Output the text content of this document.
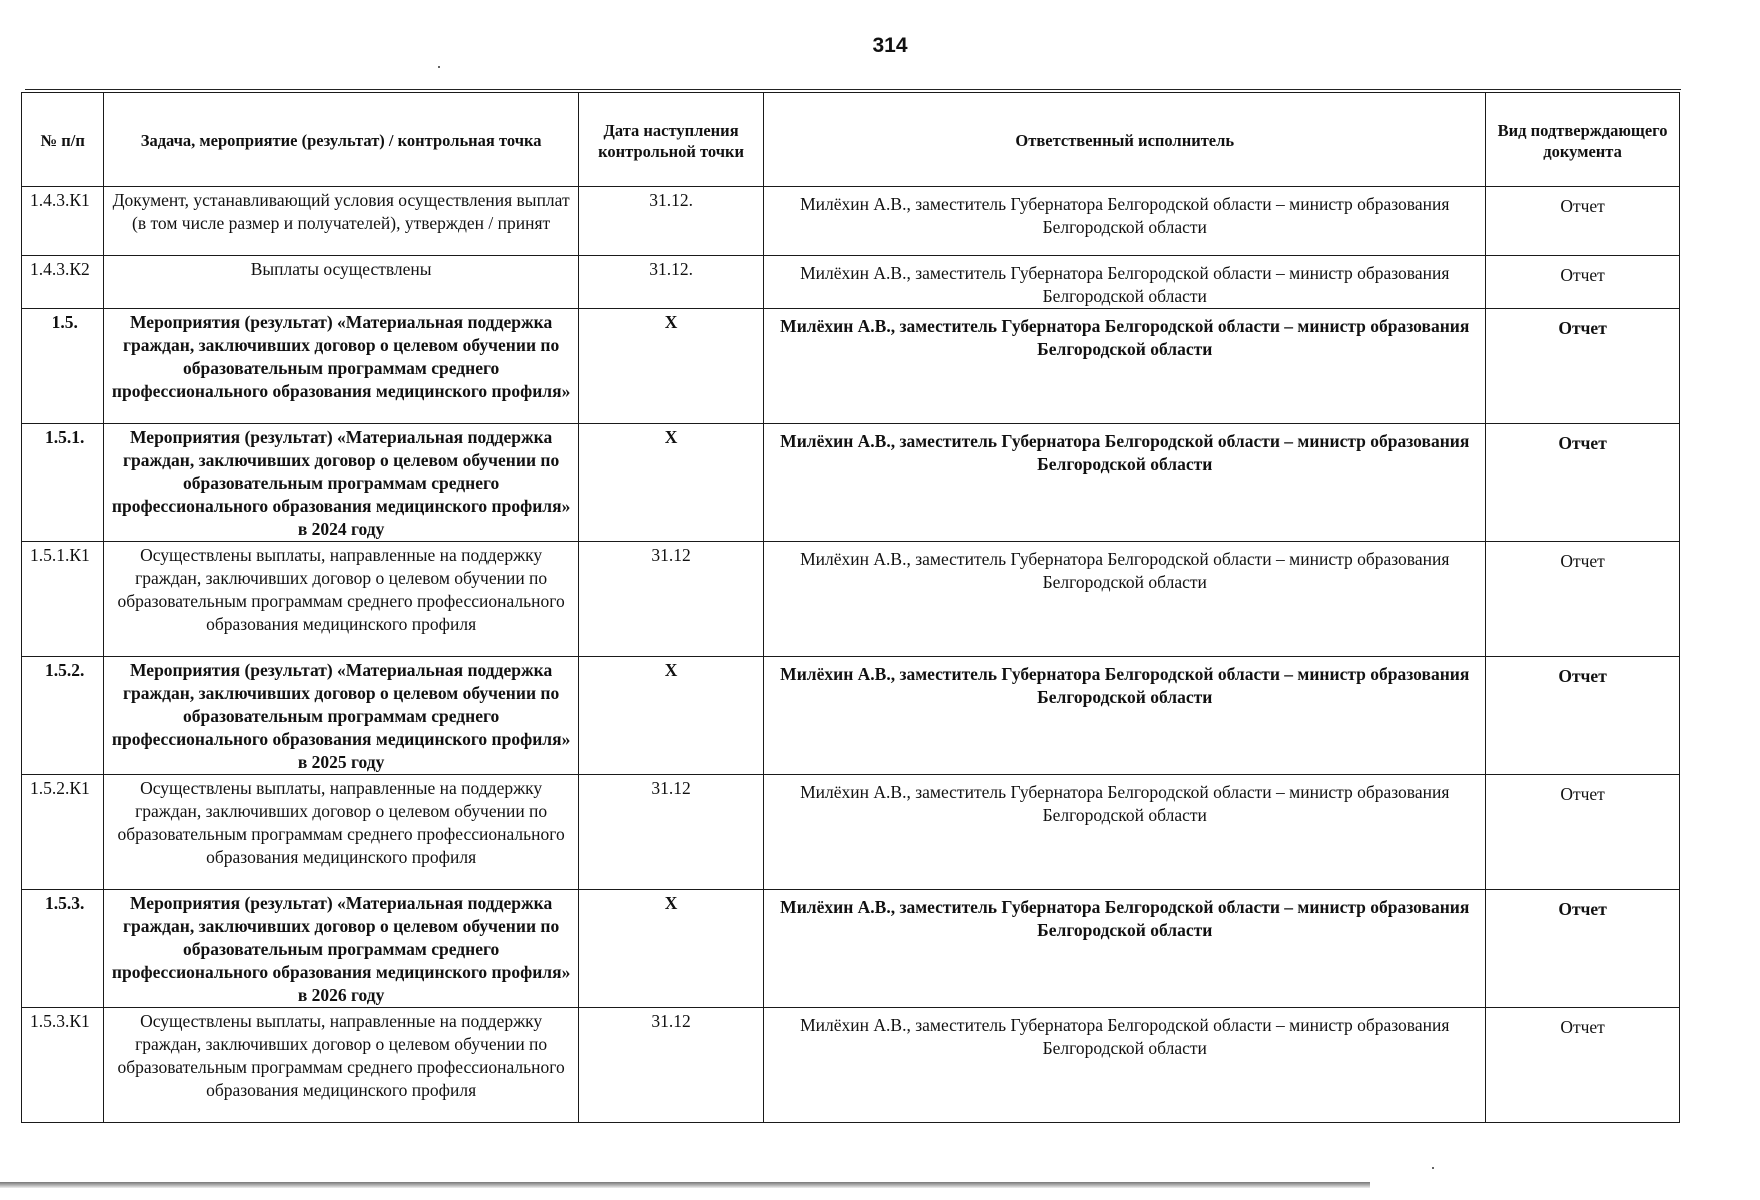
314
№ п/п	Задача, мероприятие (результат) / контрольная точка	Дата наступления контрольной точки	Ответственный исполнитель	Вид подтверждающего документа
1.4.3.К1	Документ, устанавливающий условия осуществления выплат (в том числе размер и получателей), утвержден / принят	31.12.	Милёхин А.В., заместитель Губернатора Белгородской области – министр образования Белгородской области	Отчет
1.4.3.К2	Выплаты осуществлены	31.12.	Милёхин А.В., заместитель Губернатора Белгородской области – министр образования Белгородской области	Отчет
1.5.	Мероприятия (результат) «Материальная поддержка граждан, заключивших договор о целевом обучении по образовательным программам среднего профессионального образования медицинского профиля»	X	Милёхин А.В., заместитель Губернатора Белгородской области – министр образования Белгородской области	Отчет
1.5.1.	Мероприятия (результат) «Материальная поддержка граждан, заключивших договор о целевом обучении по образовательным программам среднего профессионального образования медицинского профиля» в 2024 году	X	Милёхин А.В., заместитель Губернатора Белгородской области – министр образования Белгородской области	Отчет
1.5.1.К1	Осуществлены выплаты, направленные на поддержку граждан, заключивших договор о целевом обучении по образовательным программам среднего профессионального образования медицинского профиля	31.12	Милёхин А.В., заместитель Губернатора Белгородской области – министр образования Белгородской области	Отчет
1.5.2.	Мероприятия (результат) «Материальная поддержка граждан, заключивших договор о целевом обучении по образовательным программам среднего профессионального образования медицинского профиля» в 2025 году	X	Милёхин А.В., заместитель Губернатора Белгородской области – министр образования Белгородской области	Отчет
1.5.2.К1	Осуществлены выплаты, направленные на поддержку граждан, заключивших договор о целевом обучении по образовательным программам среднего профессионального образования медицинского профиля	31.12	Милёхин А.В., заместитель Губернатора Белгородской области – министр образования Белгородской области	Отчет
1.5.3.	Мероприятия (результат) «Материальная поддержка граждан, заключивших договор о целевом обучении по образовательным программам среднего профессионального образования медицинского профиля» в 2026 году	X	Милёхин А.В., заместитель Губернатора Белгородской области – министр образования Белгородской области	Отчет
1.5.3.К1	Осуществлены выплаты, направленные на поддержку граждан, заключивших договор о целевом обучении по образовательным программам среднего профессионального образования медицинского профиля	31.12	Милёхин А.В., заместитель Губернатора Белгородской области – министр образования Белгородской области	Отчет
